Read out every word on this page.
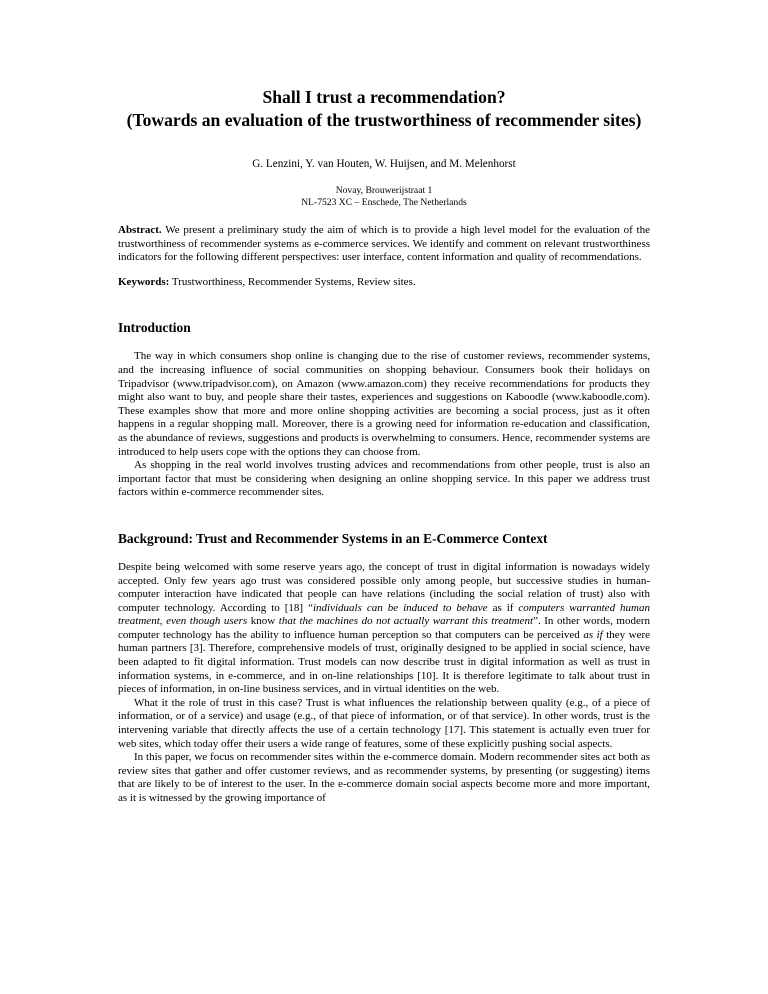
Shall I trust a recommendation?
(Towards an evaluation of the trustworthiness of recommender sites)
G. Lenzini, Y. van Houten, W. Huijsen, and M. Melenhorst
Novay, Brouwerijstraat 1
NL-7523 XC – Enschede, The Netherlands

Abstract. We present a preliminary study the aim of which is to provide a high level model for the evaluation of the trustworthiness of recommender systems as e-commerce services. We identify and comment on relevant trustworthiness indicators for the following different perspectives: user interface, content information and quality of recommendations.

Keywords: Trustworthiness, Recommender Systems, Review sites.

Introduction

The way in which consumers shop online is changing due to the rise of customer reviews, recommender systems, and the increasing influence of social communities on shopping behaviour. Consumers book their holidays on Tripadvisor (www.tripadvisor.com), on Amazon (www.amazon.com) they receive recommendations for products they might also want to buy, and people share their tastes, experiences and suggestions on Kaboodle (www.kaboodle.com). These examples show that more and more online shopping activities are becoming a social process, just as it often happens in a regular shopping mall. Moreover, there is a growing need for information re-education and classification, as the abundance of reviews, suggestions and products is overwhelming to consumers. Hence, recommender systems are introduced to help users cope with the options they can choose from.

As shopping in the real world involves trusting advices and recommendations from other people, trust is also an important factor that must be considering when designing an online shopping service. In this paper we address trust factors within e-commerce recommender sites.

Background: Trust and Recommender Systems in an E-Commerce Context

Despite being welcomed with some reserve years ago, the concept of trust in digital information is nowadays widely accepted. Only few years ago trust was considered possible only among people, but successive studies in human-computer interaction have indicated that people can have relations (including the social relation of trust) also with computer technology. According to [18] “individuals can be induced to behave as if computers warranted human treatment, even though users know that the machines do not actually warrant this treatment”. In other words, modern computer technology has the ability to influence human perception so that computers can be perceived as if they were human partners [3]. Therefore, comprehensive models of trust, originally designed to be applied in social science, have been adapted to fit digital information. Trust models can now describe trust in digital information as well as trust in information systems, in e-commerce, and in on-line relationships [10]. It is therefore legitimate to talk about trust in pieces of information, in on-line business services, and in virtual identities on the web.

What it the role of trust in this case? Trust is what influences the relationship between quality (e.g., of a piece of information, or of a service) and usage (e.g., of that piece of information, or of that service). In other words, trust is the intervening variable that directly affects the use of a certain technology [17]. This statement is actually even truer for web sites, which today offer their users a wide range of features, some of these explicitly pushing social aspects.

In this paper, we focus on recommender sites within the e-commerce domain. Modern recommender sites act both as review sites that gather and offer customer reviews, and as recommender systems, by presenting (or suggesting) items that are likely to be of interest to the user. In the e-commerce domain social aspects become more and more important, as it is witnessed by the growing importance of
